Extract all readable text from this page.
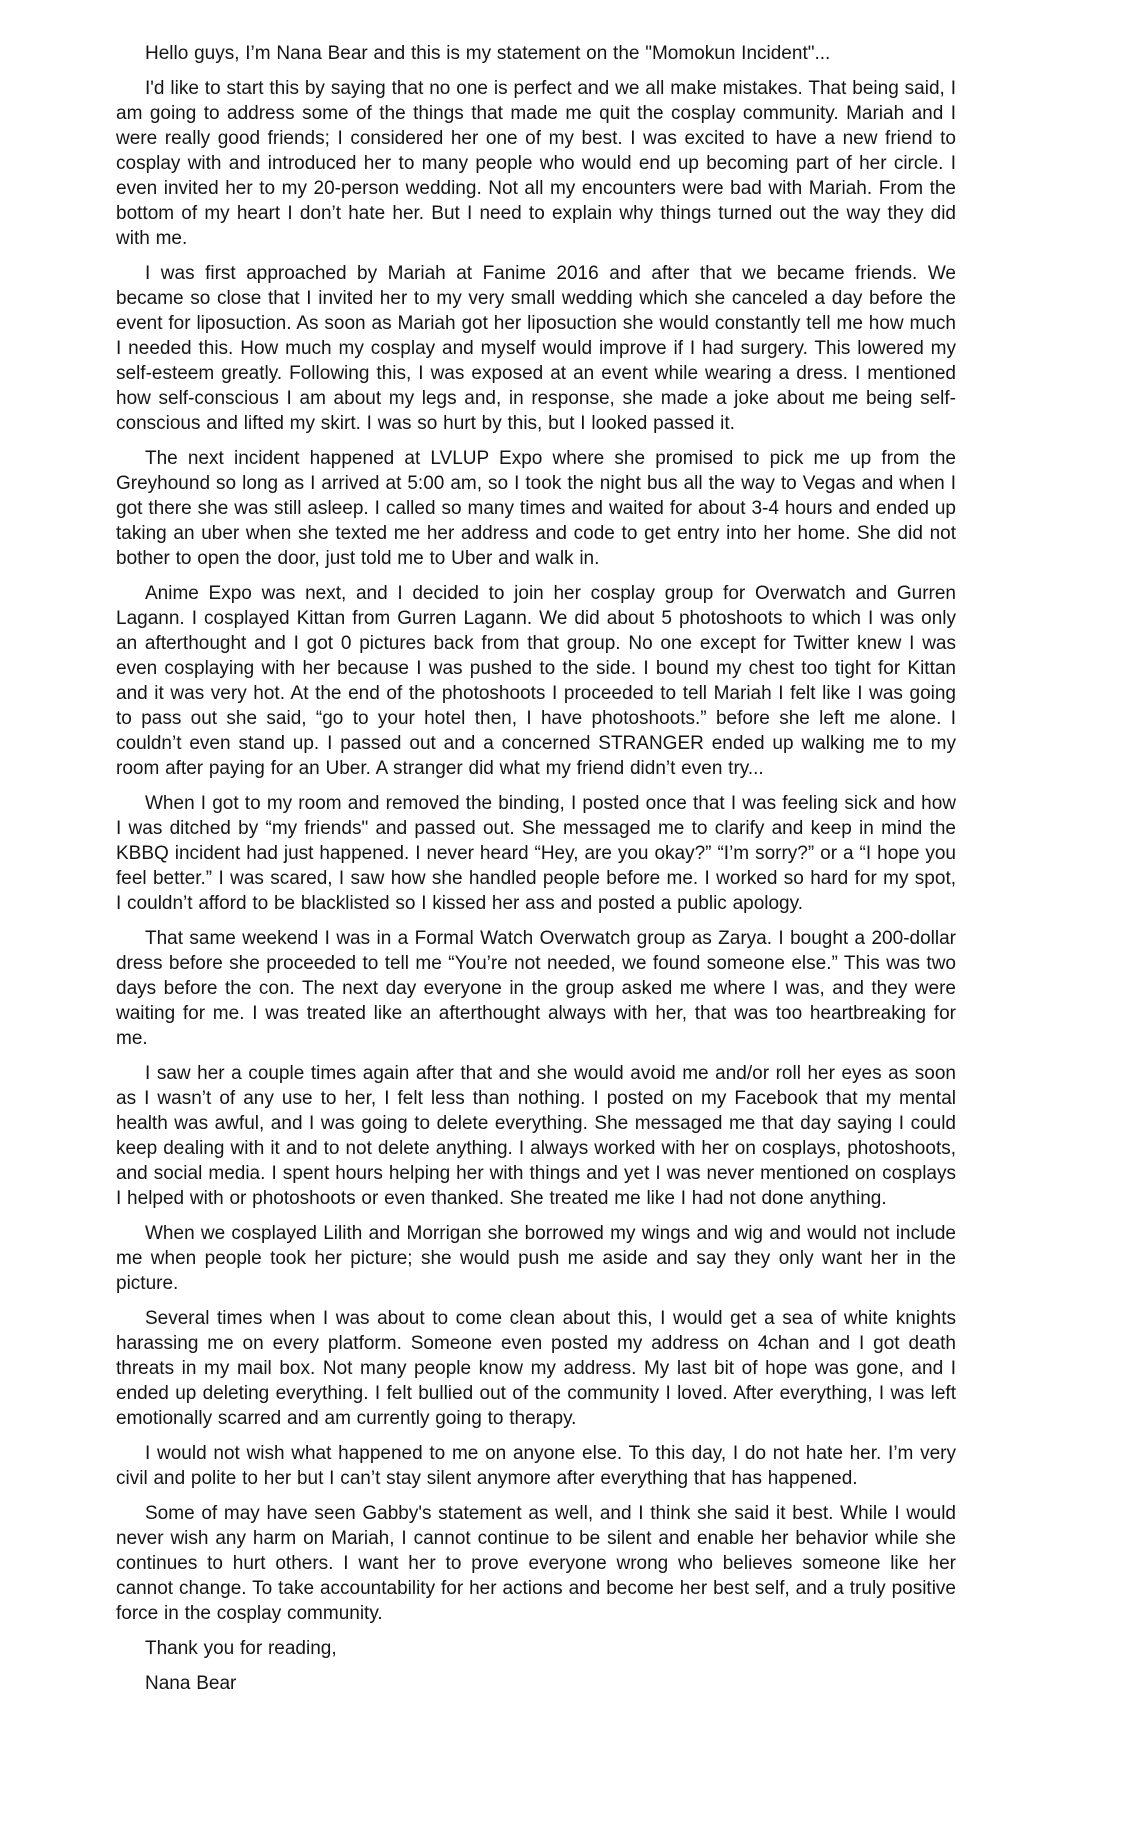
Hello guys, I’m Nana Bear and this is my statement on the "Momokun Incident"...

I'd like to start this by saying that no one is perfect and we all make mistakes. That being said, I am going to address some of the things that made me quit the cosplay community. Mariah and I were really good friends; I considered her one of my best. I was excited to have a new friend to cosplay with and introduced her to many people who would end up becoming part of her circle. I even invited her to my 20-person wedding. Not all my encounters were bad with Mariah. From the bottom of my heart I don’t hate her. But I need to explain why things turned out the way they did with me.

I was first approached by Mariah at Fanime 2016 and after that we became friends. We became so close that I invited her to my very small wedding which she canceled a day before the event for liposuction. As soon as Mariah got her liposuction she would constantly tell me how much I needed this. How much my cosplay and myself would improve if I had surgery. This lowered my self-esteem greatly. Following this, I was exposed at an event while wearing a dress. I mentioned how self-conscious I am about my legs and, in response, she made a joke about me being self-conscious and lifted my skirt. I was so hurt by this, but I looked passed it.

The next incident happened at LVLUP Expo where she promised to pick me up from the Greyhound so long as I arrived at 5:00 am, so I took the night bus all the way to Vegas and when I got there she was still asleep. I called so many times and waited for about 3-4 hours and ended up taking an uber when she texted me her address and code to get entry into her home. She did not bother to open the door, just told me to Uber and walk in.

Anime Expo was next, and I decided to join her cosplay group for Overwatch and Gurren Lagann. I cosplayed Kittan from Gurren Lagann. We did about 5 photoshoots to which I was only an afterthought and I got 0 pictures back from that group. No one except for Twitter knew I was even cosplaying with her because I was pushed to the side. I bound my chest too tight for Kittan and it was very hot. At the end of the photoshoots I proceeded to tell Mariah I felt like I was going to pass out she said, “go to your hotel then, I have photoshoots.” before she left me alone. I couldn’t even stand up. I passed out and a concerned STRANGER ended up walking me to my room after paying for an Uber. A stranger did what my friend didn’t even try...

When I got to my room and removed the binding, I posted once that I was feeling sick and how I was ditched by “my friends" and passed out. She messaged me to clarify and keep in mind the KBBQ incident had just happened. I never heard “Hey, are you okay?” “I’m sorry?” or a “I hope you feel better.” I was scared, I saw how she handled people before me. I worked so hard for my spot, I couldn’t afford to be blacklisted so I kissed her ass and posted a public apology.

That same weekend I was in a Formal Watch Overwatch group as Zarya. I bought a 200-dollar dress before she proceeded to tell me “You’re not needed, we found someone else.” This was two days before the con. The next day everyone in the group asked me where I was, and they were waiting for me. I was treated like an afterthought always with her, that was too heartbreaking for me.

I saw her a couple times again after that and she would avoid me and/or roll her eyes as soon as I wasn’t of any use to her, I felt less than nothing. I posted on my Facebook that my mental health was awful, and I was going to delete everything. She messaged me that day saying I could keep dealing with it and to not delete anything. I always worked with her on cosplays, photoshoots, and social media. I spent hours helping her with things and yet I was never mentioned on cosplays I helped with or photoshoots or even thanked. She treated me like I had not done anything.

When we cosplayed Lilith and Morrigan she borrowed my wings and wig and would not include me when people took her picture; she would push me aside and say they only want her in the picture.

Several times when I was about to come clean about this, I would get a sea of white knights harassing me on every platform. Someone even posted my address on 4chan and I got death threats in my mail box. Not many people know my address. My last bit of hope was gone, and I ended up deleting everything. I felt bullied out of the community I loved. After everything, I was left emotionally scarred and am currently going to therapy.

I would not wish what happened to me on anyone else. To this day, I do not hate her. I’m very civil and polite to her but I can’t stay silent anymore after everything that has happened.

Some of may have seen Gabby's statement as well, and I think she said it best. While I would never wish any harm on Mariah, I cannot continue to be silent and enable her behavior while she continues to hurt others. I want her to prove everyone wrong who believes someone like her cannot change. To take accountability for her actions and become her best self, and a truly positive force in the cosplay community.

Thank you for reading,

Nana Bear
